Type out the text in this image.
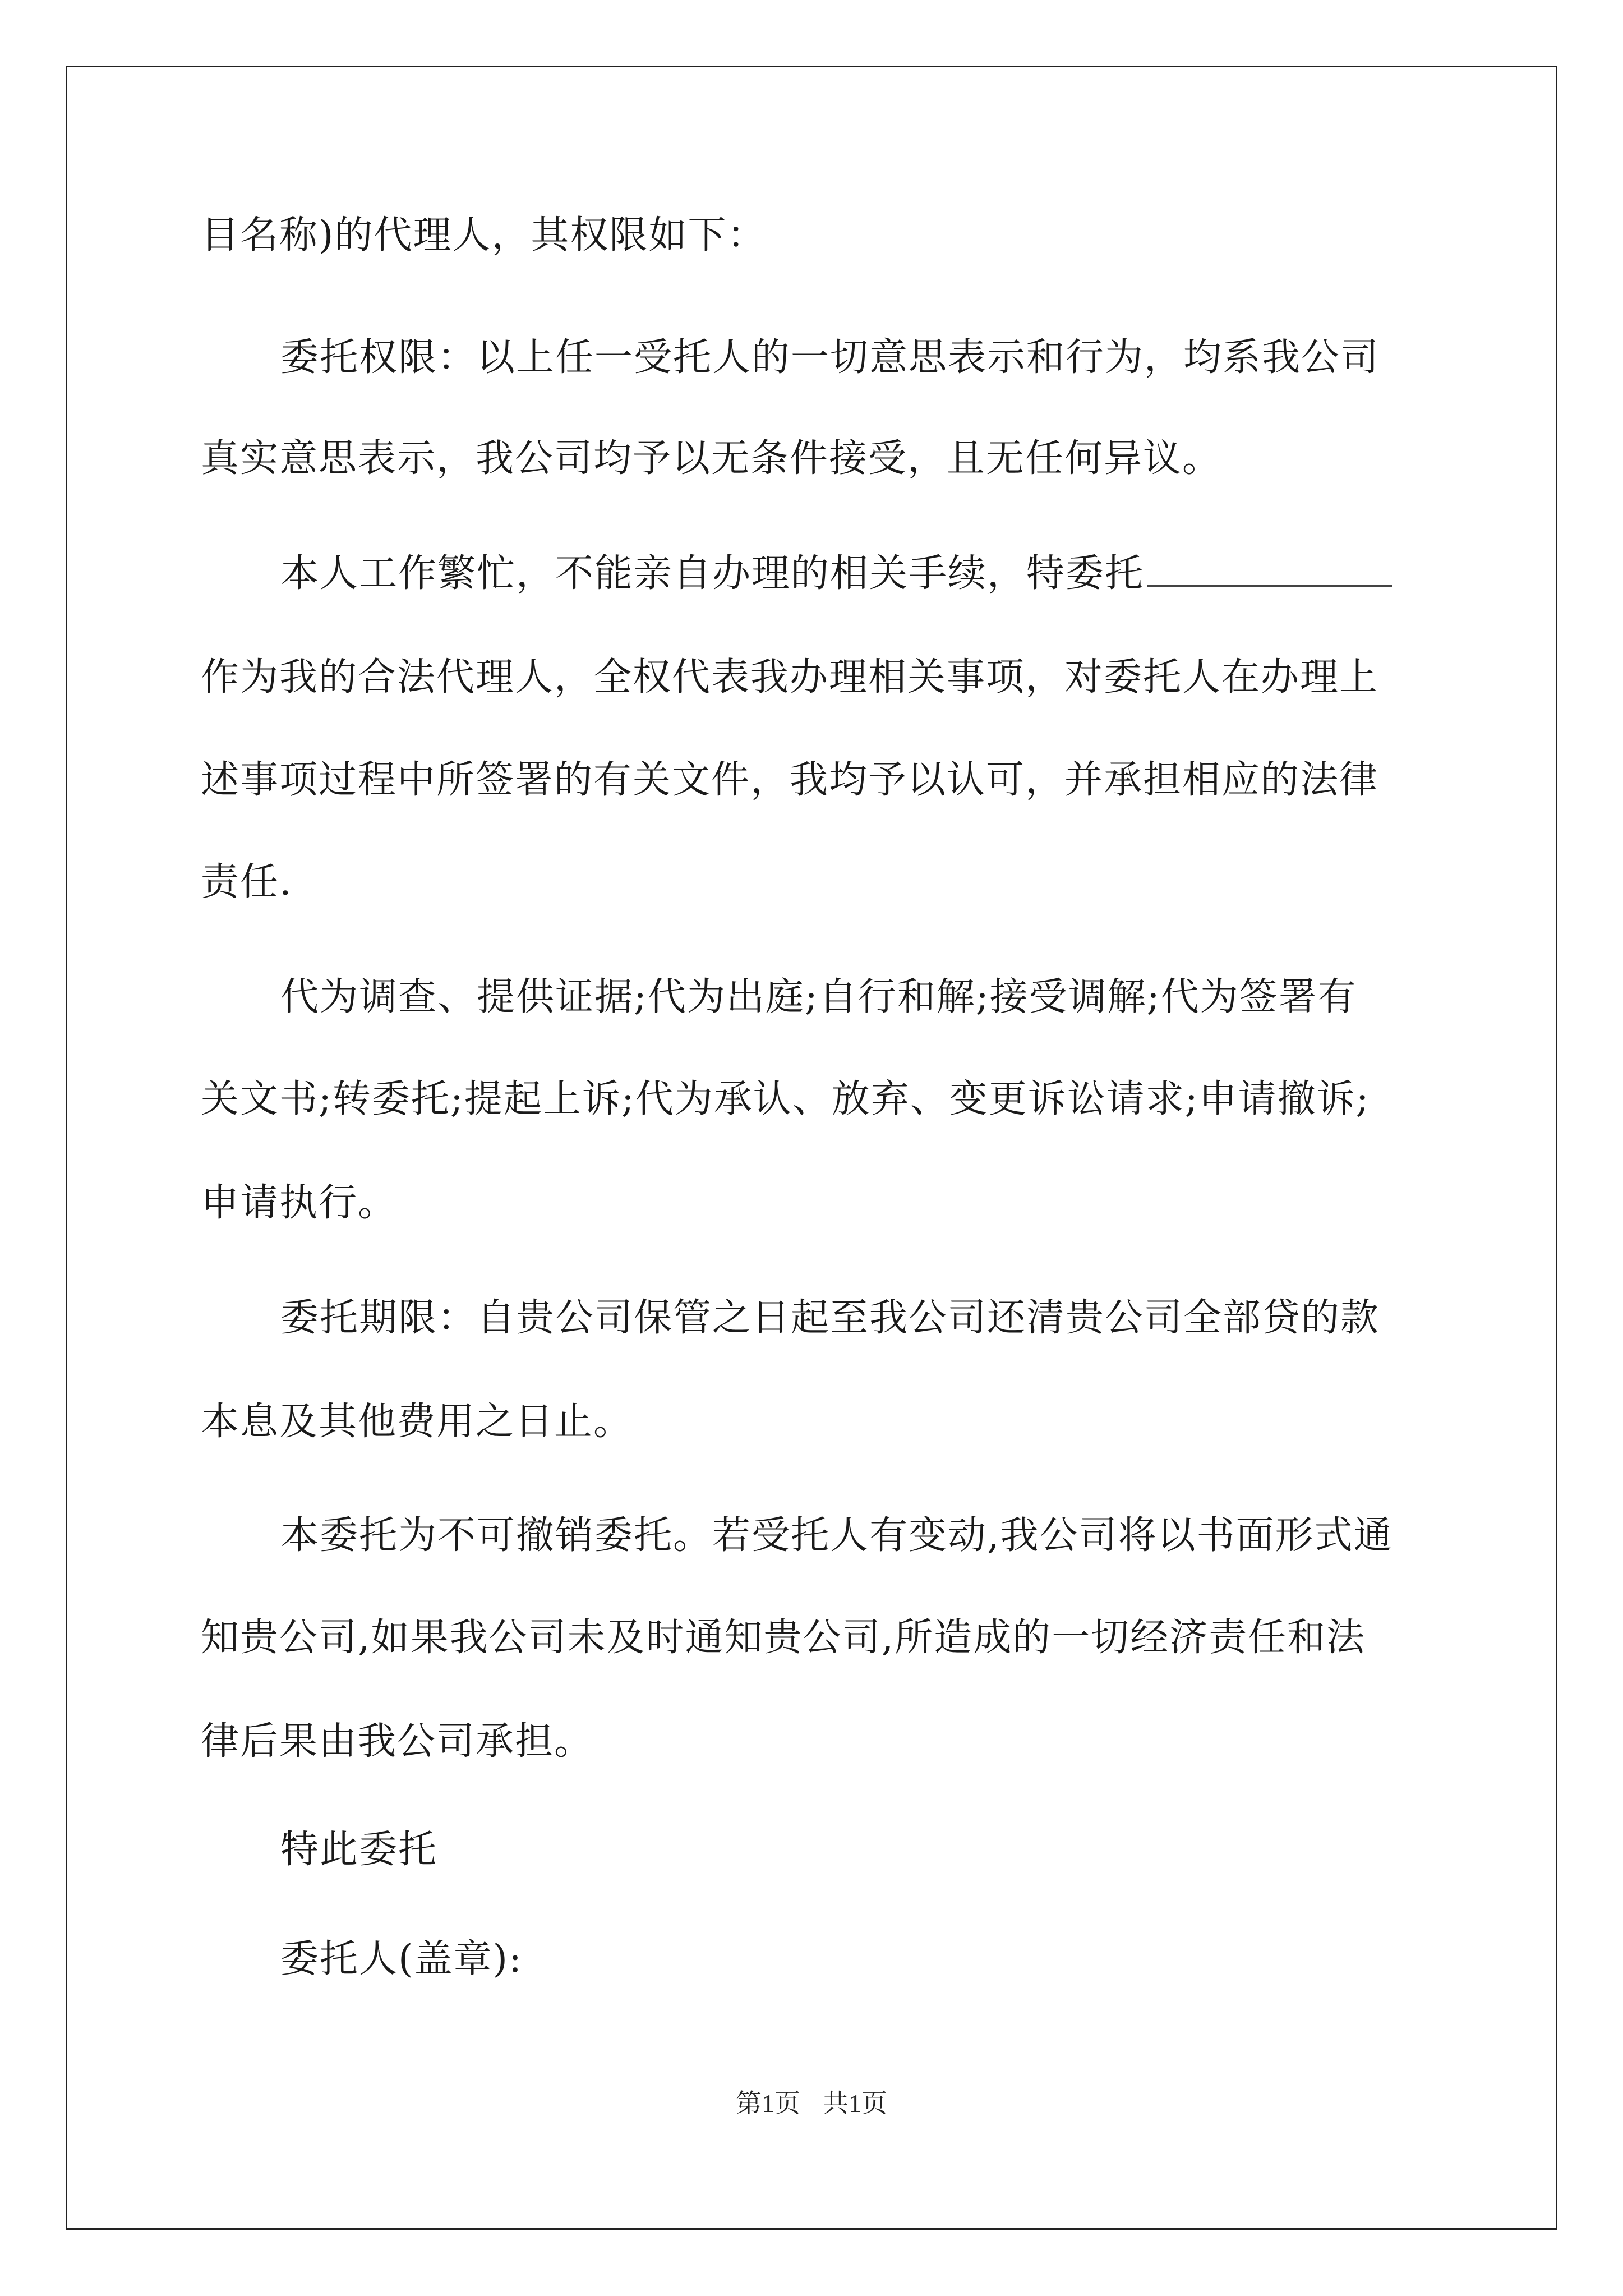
目名称)的代理人，其权限如下：
委托权限：以上任一受托人的一切意思表示和行为，均系我公司
真实意思表示，我公司均予以无条件接受，且无任何异议。
本人工作繁忙，不能亲自办理的相关手续，特委托
作为我的合法代理人，全权代表我办理相关事项，对委托人在办理上
述事项过程中所签署的有关文件，我均予以认可，并承担相应的法律
责任.
代为调查、提供证据;代为出庭;自行和解;接受调解;代为签署有
关文书;转委托;提起上诉;代为承认、放弃、变更诉讼请求;申请撤诉;
申请执行。
委托期限：自贵公司保管之日起至我公司还清贵公司全部贷的款
本息及其他费用之日止。
本委托为不可撤销委托。若受托人有变动,我公司将以书面形式通
知贵公司,如果我公司未及时通知贵公司,所造成的一切经济责任和法
律后果由我公司承担。
特此委托
委托人(盖章):
第1页 共1页
